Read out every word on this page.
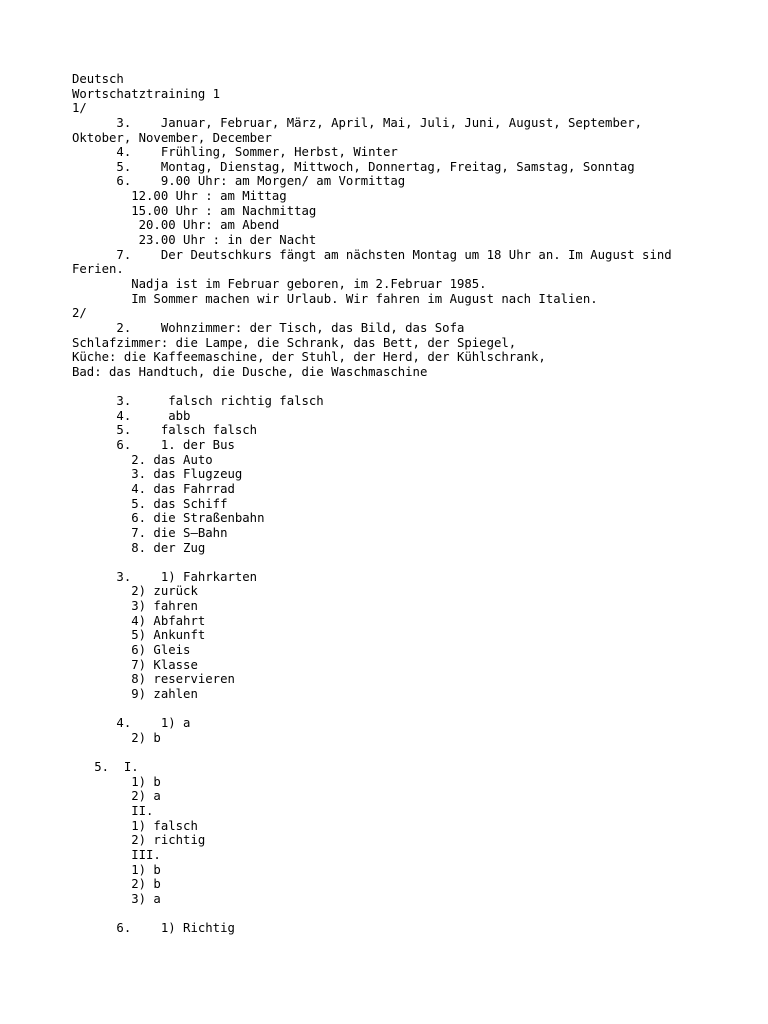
Deutsch
Wortschatztraining 1
1/
3.    Januar, Februar, März, April, Mai, Juli, Juni, August, September,
Oktober, November, December
4.    Frühling, Sommer, Herbst, Winter
5.    Montag, Dienstag, Mittwoch, Donnertag, Freitag, Samstag, Sonntag
6.    9.00 Uhr: am Morgen/ am Vormittag
12.00 Uhr : am Mittag
15.00 Uhr : am Nachmittag
20.00 Uhr: am Abend
23.00 Uhr : in der Nacht
7.    Der Deutschkurs fängt am nächsten Montag um 18 Uhr an. Im August sind
Ferien.
Nadja ist im Februar geboren, im 2.Februar 1985.
Im Sommer machen wir Urlaub. Wir fahren im August nach Italien.
2/
2.    Wohnzimmer: der Tisch, das Bild, das Sofa
Schlafzimmer: die Lampe, die Schrank, das Bett, der Spiegel,
Küche: die Kaffeemaschine, der Stuhl, der Herd, der Kühlschrank,
Bad: das Handtuch, die Dusche, die Waschmaschine

3.     falsch richtig falsch
4.     abb
5.    falsch falsch
6.    1. der Bus
2. das Auto
3. das Flugzeug
4. das Fahrrad
5. das Schiff
6. die Straßenbahn
7. die S–Bahn
8. der Zug

3.    1) Fahrkarten
2) zurück
3) fahren
4) Abfahrt
5) Ankunft
6) Gleis
7) Klasse
8) reservieren
9) zahlen

4.    1) a
2) b

5.  I.
1) b
2) a
II.
1) falsch
2) richtig
III.
1) b
2) b
3) a

6.    1) Richtig
